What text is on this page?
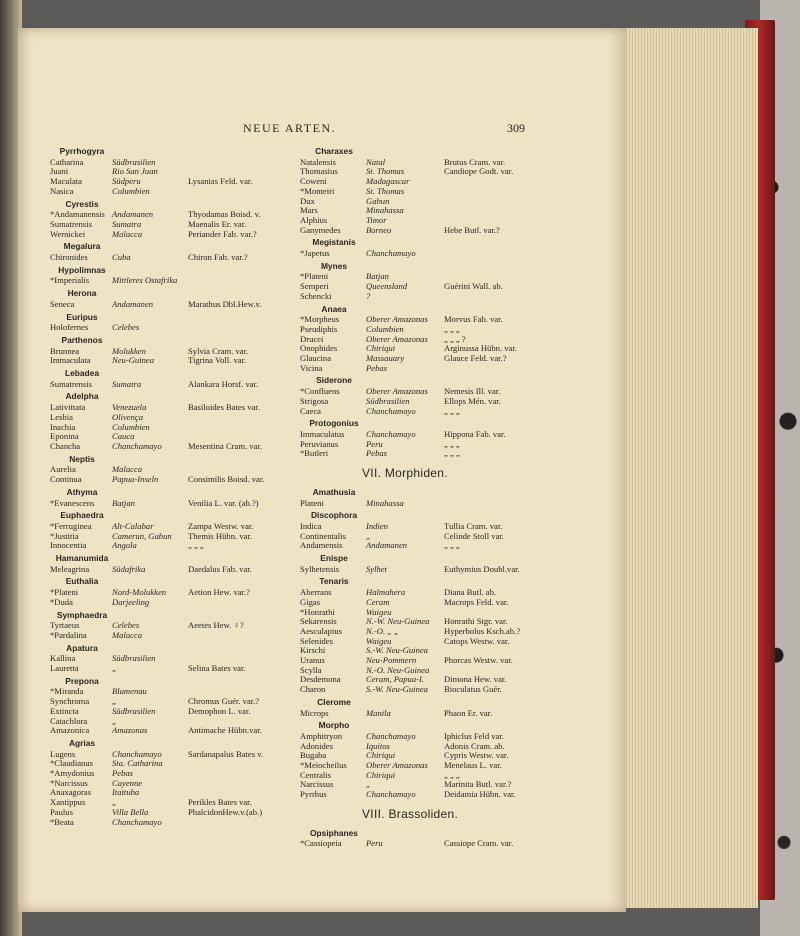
NEUE ARTEN.	309
Pyrrhogyra
Catharina	Südbrasilien
Juani	Rio San Juan
Maculata	Südperu	Lysanias Feld. var.
Nasica	Columbien
Cyrestis
*Andamanensis Andamanen	Thyodamas Boisd. v.
Sumatrensis	Sumatra	Maenalis Er. var.
Wernickei	Malacca	Periander Fab. var.?
Megalura
Chironides	Cuba	Chiron Fab. var.?
Hypolimnas
*Imperialis	Mittleres Ostafrika
Herona
Seneca	Andamanen	Marathus Dbl.Hew.v.
Euripus
Holofernes	Celebes
Parthenos
Brunnea	Molukken	Sylvia Cram. var.
Immaculata	Neu-Guinea	Tigrina Voll. var.
Lebadea
Sumatrensis	Sumatra	Alankara Horsf. var.
Adelpha
Lativittata	Venezuela	Basiloides Bates var.
Lesbia	Olivença
Inachia	Columbien
Eponina	Cauca
Chancha	Chanchamayo	Mesentina Cram. var.
Neptis
Aurelia	Malacca
Continua	Papua-Inseln	Consimilis Boisd. var.
Athyma
*Evanescens	Batjan	Venilia L. var. (ab.?)
Euphaedra
*Ferruginea	Alt-Calabar	Zampa Westw. var.
*Justitia	Camerun, Gabun	Themis Hübn. var.
Innocentia	Angola	„ „ „
Hamanumida
Meleagrina	Südafrika	Daedalus Fab. var.
Euthalia
*Plateni	Nord-Molukken	Aetion Hew. var.?
*Duda	Darjeeling
Symphaedra
Tyrtaeus	Celebes	Aeetes Hew. ♀?
*Pardalina	Malacca
Apatura
Kallina	Südbrasilien
Lauretta	„	Selina Bates var.
Prepona
*Miranda	Blumenau
Synchroma	„	Chromus Guér. var.?
Extincta	Südbrasilien	Demophon L. var.
Catachlora	„
Amazonica	Amazonas	Antimache Hübn.var.
Agrias
Lugens	Chanchamayo	Sardanapalus Bates v.
*Claudianus	Sta. Catharina
*Amydonius	Pebas
*Narcissus	Cayenne
Anaxagoras	Itaituba
Xantippus	„	Perikles Bates var.
Paulus	Villa Bella	PhalcidonHew.v.(ab.)
*Beata	Chanchamayo
Charaxes
Natalensis	Natal	Brutus Cram. var.
Thomasius	St. Thomas	Candiope Godt. var.
Coweni	Madagascar
*Monteiri	St. Thomas
Dux	Gabun
Mars	Minahassa
Alphius	Timor
Ganymedes	Borneo	Hebe Butl. var.?
Megistanis
*Japetus	Chanchamayo
Mynes
*Plateni	Batjan
Semperi	Queensland	Guérini Wall. ab.
Schencki	?
Anaea
*Morpheus	Oberer Amazonas	Morvus Fab. var.
Pseudiphis	Columbien	„ „ „
Drucei	Oberer Amazonas	„ „ „ ?
Onophides	Chiriqui	Arginussa Hübn. var.
Glaucina	Massauary	Glauce Feld. var.?
Vicina	Pebas
Siderone
*Confluens	Oberer Amazonas	Nemesis Ill. var.
Strigosa	Südbrasilien	Ellops Mén. var.
Caeca	Chanchamayo	„ „ „
Protogonius
Immaculatus	Chanchamayo	Hippona Fab. var.
Peruvianus	Peru	„ „ „
*Butleri	Pebas	„ „ „
VII. Morphiden.
Amathusia
Plateni	Minahassa
Discophora
Indica	Indien	Tullia Cram. var.
Continentalis	„	Celinde Stoll var.
Andamensis	Andamanen	„ „ „
Enispe
Sylhetensis	Sylhet	Euthymius Doubl.var.
Tenaris
Aberrans	Halmahera	Diana Butl. ab.
Gigas	Ceram	Macrops Feld. var.
*Honrathi	Waigeu
Sekarensis	N.-W. Neu-Guinea	Honrathi Stgr. var.
Aesculapius	N.-O. „ „	Hyperbolus Ksch.ab.?
Selenides	Waigeu	Catops Westw. var.
Kirschi	S.-W. Neu-Guinea
Uranus	Neu-Pommern	Phorcas Westw. var.
Scylla	N.-O. Neu-Guinea
Desdemona	Ceram, Papua-I.	Dimona Hew. var.
Charon	S.-W. Neu-Guinea	Bioculatus Guér.
Clerome
Microps	Manila	Phaon Er. var.
Morpho
Amphitryon	Chanchamayo	Iphiclus Feld var.
Adonides	Iquitos	Adonis Cram. ab.
Bugaba	Chiriqui	Cypris Westw. var.
*Meiocheilus	Oberer Amazonas	Menelaus L. var.
Centralis	Chiriqui	„ „ „
Narcissus	„	Marinita Butl. var.?
Pyrrhus	Chanchamayo	Deidamia Hübn. var.
VIII. Brassoliden.
Opsiphanes
*Cassiopeia	Peru	Cassiope Cram. var.
